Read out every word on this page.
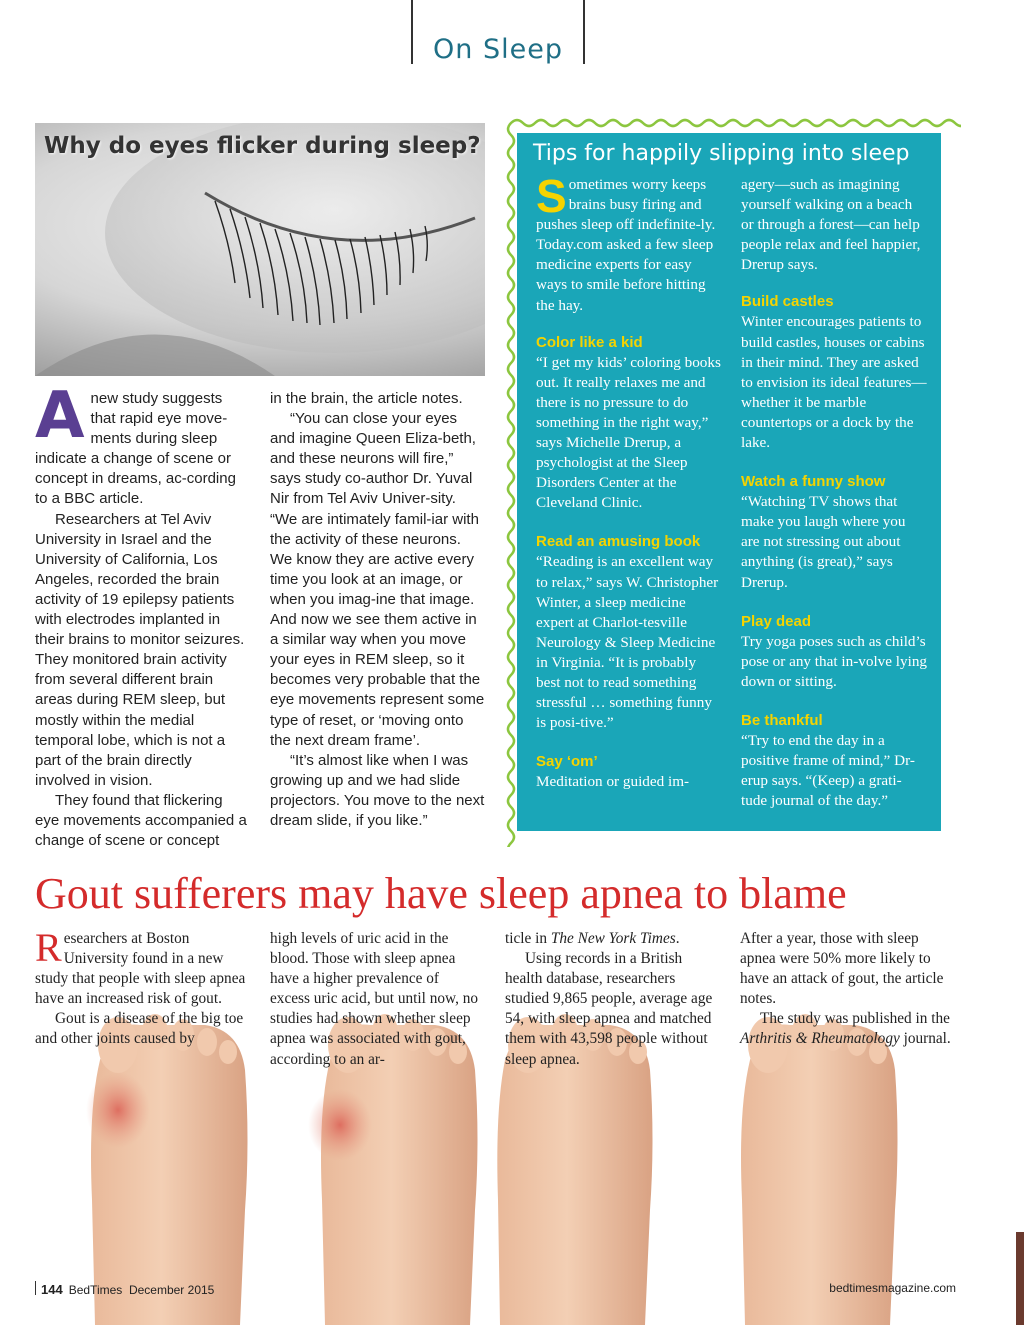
On Sleep
Why do eyes flicker during sleep?

Anew study suggests that rapid eye move-ments during sleep indicate a change of scene or concept in dreams, ac-cording to a BBC article.

Researchers at Tel Aviv University in Israel and the University of California, Los Angeles, recorded the brain activity of 19 epilepsy patients with electrodes implanted in their brains to monitor seizures. They monitored brain activity from several different brain areas during REM sleep, but mostly within the medial temporal lobe, which is not a part of the brain directly involved in vision.

They found that flickering eye movements accompanied a change of scene or concept

in the brain, the article notes.

“You can close your eyes and imagine Queen Eliza-beth, and these neurons will fire,” says study co-author Dr. Yuval Nir from Tel Aviv Univer-sity. “We are intimately famil-iar with the activity of these neurons. We know they are active every time you look at an image, or when you imag-ine that image. And now we see them active in a similar way when you move your eyes in REM sleep, so it becomes very probable that the eye movements represent some type of reset, or ‘moving onto the next dream frame’.

“It’s almost like when I was growing up and we had slide projectors. You move to the next dream slide, if you like.”

Tips for happily slipping into sleep

Sometimes worry keeps brains busy firing and pushes sleep off indefinite-ly. Today.com asked a few sleep medicine experts for easy ways to smile before hitting the hay.

Color like a kid

“I get my kids’ coloring books out. It really relaxes me and there is no pressure to do something in the right way,” says Michelle Drerup, a psychologist at the Sleep Disorders Center at the Cleveland Clinic.

Read an amusing book

“Reading is an excellent way to relax,” says W. Christopher Winter, a sleep medicine expert at Charlot-tesville Neurology & Sleep Medicine in Virginia. “It is probably best not to read something stressful … something funny is posi-tive.”

Say ‘om’

Meditation or guided im-

agery—such as imagining yourself walking on a beach or through a forest—can help people relax and feel happier, Drerup says.

Build castles

Winter encourages patients to build castles, houses or cabins in their mind. They are asked to envision its ideal features—whether it be marble countertops or a dock by the lake.

Watch a funny show

“Watching TV shows that make you laugh where you are not stressing out about anything (is great),” says Drerup.

Play dead

Try yoga poses such as child’s pose or any that in-volve lying down or sitting.

Be thankful

“Try to end the day in a positive frame of mind,” Dr-erup says. “(Keep) a grati-tude journal of the day.”

Gout sufferers may have sleep apnea to blame

Researchers at Boston University found in a new study that people with sleep apnea have an increased risk of gout.

Gout is a disease of the big toe and other joints caused by

high levels of uric acid in the blood. Those with sleep apnea have a higher prevalence of excess uric acid, but until now, no studies had shown whether sleep apnea was associated with gout, according to an ar-

ticle in The New York Times.

Using records in a British health database, researchers studied 9,865 people, average age 54, with sleep apnea and matched them with 43,598 people without sleep apnea.

After a year, those with sleep apnea were 50% more likely to have an attack of gout, the article notes.

The study was published in the Arthritis & Rheumatology journal.

144 BedTimes December 2015	bedtimesmagazine.com
